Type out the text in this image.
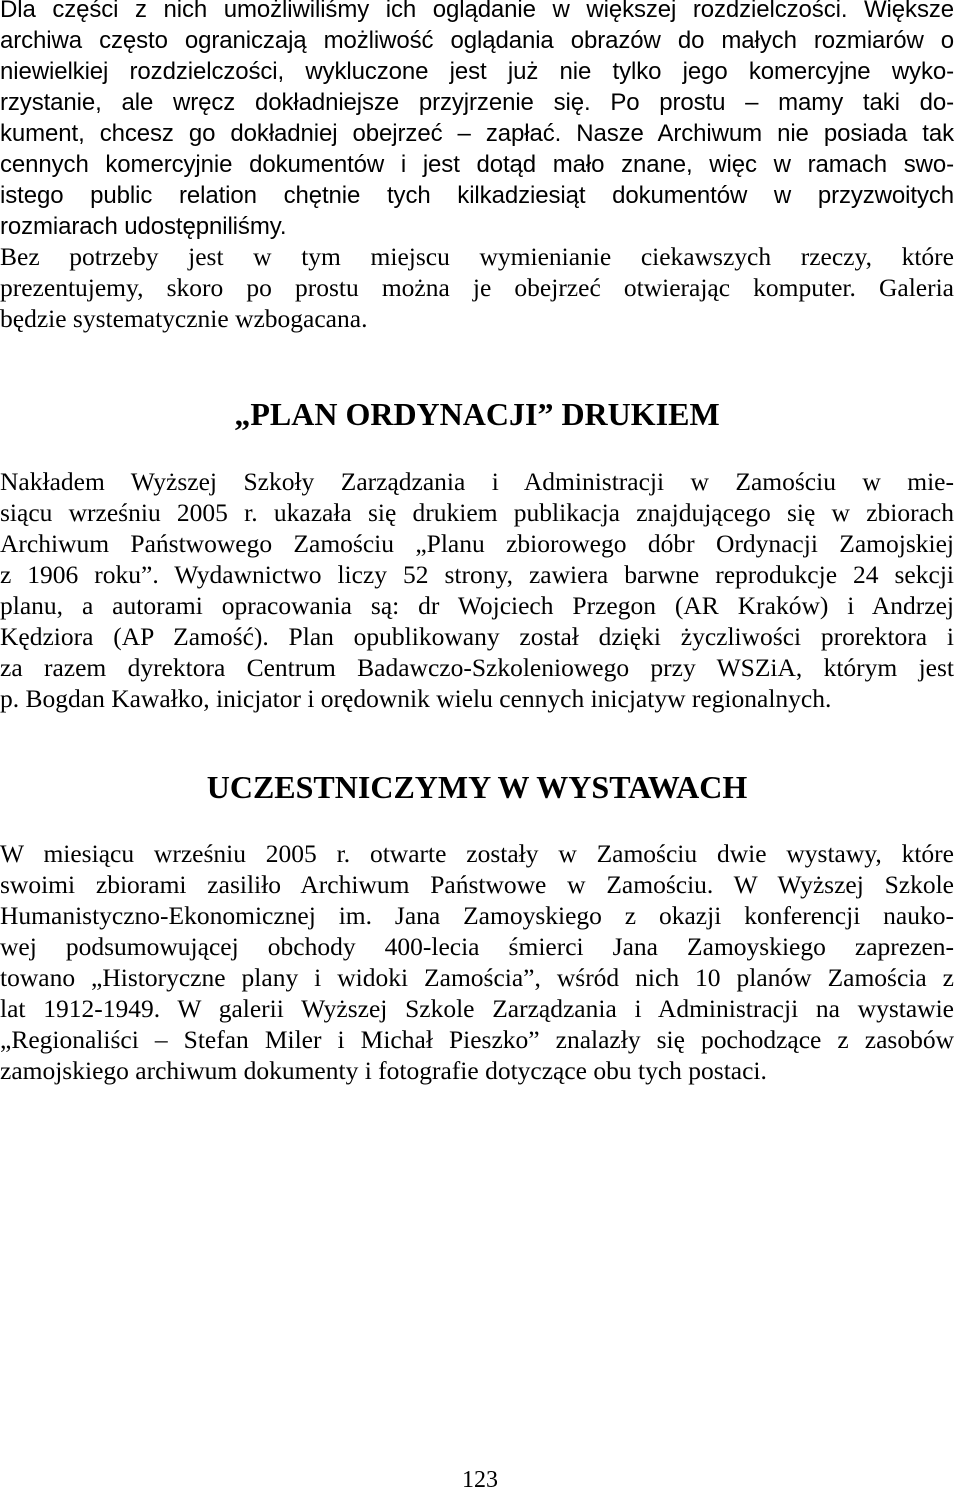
Dla części z nich umożliwiliśmy ich oglądanie w większej rozdzielczości. Większe

archiwa często ograniczają możliwość oglądania obrazów do małych rozmiarów o

niewielkiej rozdzielczości, wykluczone jest już nie tylko jego komercyjne wyko-

rzystanie, ale wręcz dokładniejsze przyjrzenie się. Po prostu – mamy taki do-

kument, chcesz go dokładniej obejrzeć – zapłać. Nasze Archiwum nie posiada tak

cennych komercyjnie dokumentów i jest dotąd mało znane, więc w ramach swo-

istego public relation chętnie tych kilkadziesiąt dokumentów w przyzwoitych

rozmiarach udostępniliśmy.

Bez potrzeby jest w tym miejscu wymienianie ciekawszych rzeczy, które

prezentujemy, skoro po prostu można je obejrzeć otwierając komputer. Galeria

będzie systematycznie wzbogacana.

„PLAN ORDYNACJI” DRUKIEM

Nakładem Wyższej Szkoły Zarządzania i Administracji w Zamościu w mie-

siącu wrześniu 2005 r. ukazała się drukiem publikacja znajdującego się w zbiorach

Archiwum Państwowego Zamościu „Planu zbiorowego dóbr Ordynacji Zamojskiej

z 1906 roku”. Wydawnictwo liczy 52 strony, zawiera barwne reprodukcje 24 sekcji

planu, a autorami opracowania są: dr Wojciech Przegon (AR Kraków) i Andrzej

Kędziora (AP Zamość). Plan opublikowany został dzięki życzliwości prorektora i

za razem dyrektora Centrum Badawczo-Szkoleniowego przy WSZiA, którym jest

p. Bogdan Kawałko, inicjator i orędownik wielu cennych inicjatyw regionalnych.

UCZESTNICZYMY W WYSTAWACH

W miesiącu wrześniu 2005 r. otwarte zostały w Zamościu dwie wystawy, które

swoimi zbiorami zasiliło Archiwum Państwowe w Zamościu. W Wyższej Szkole

Humanistyczno-Ekonomicznej im. Jana Zamoyskiego z okazji konferencji nauko-

wej podsumowującej obchody 400-lecia śmierci Jana Zamoyskiego zaprezen-

towano „Historyczne plany i widoki Zamościa”, wśród nich 10 planów Zamościa z

lat 1912-1949. W galerii Wyższej Szkole Zarządzania i Administracji na wystawie

„Regionaliści – Stefan Miler i Michał Pieszko” znalazły się pochodzące z zasobów

zamojskiego archiwum dokumenty i fotografie dotyczące obu tych postaci.

123
